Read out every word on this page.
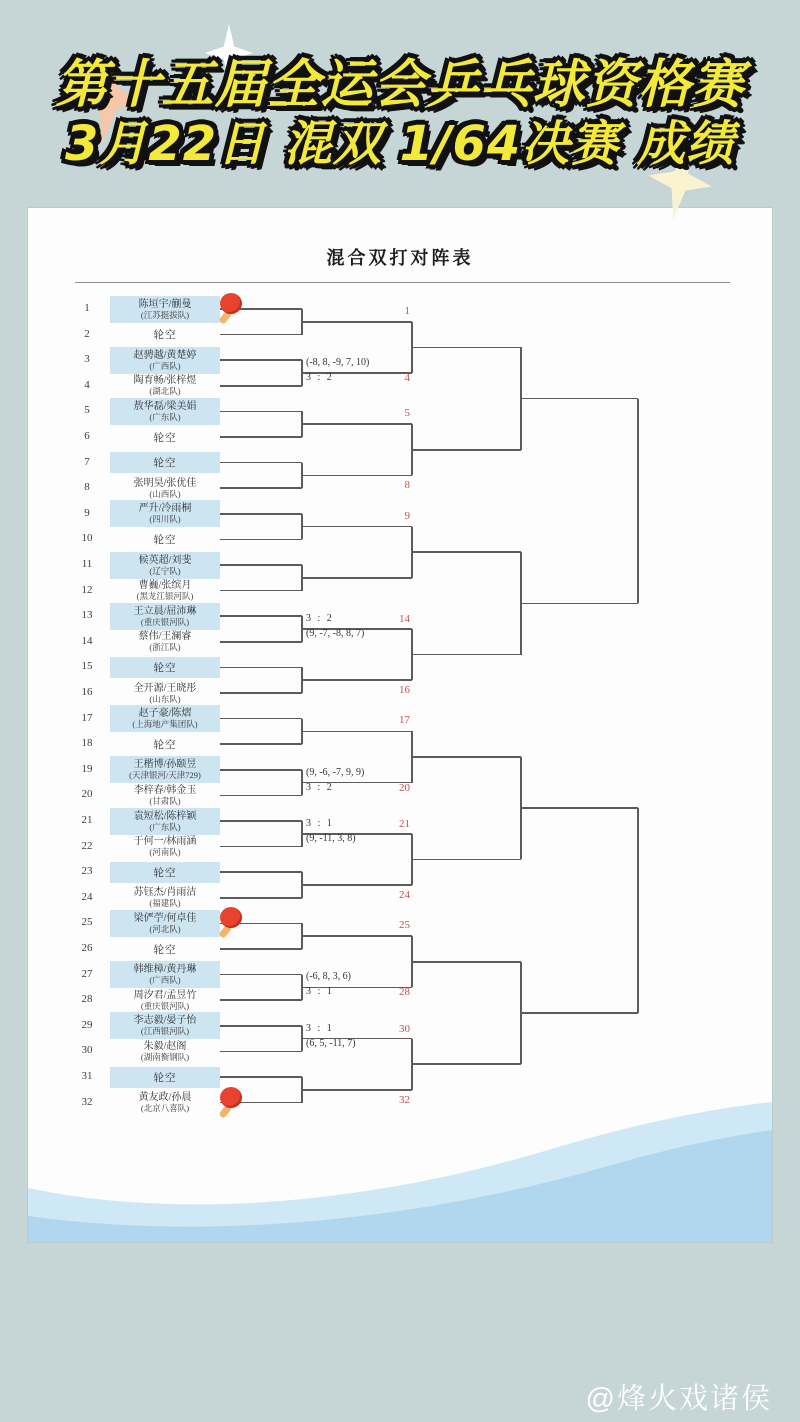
第十五届全运会乒乓球资格赛
3月22日 混双 1/64决赛 成绩
混合双打对阵表
1	陈垣宇/蒯曼
(江苏挺拔队)
2	轮空
3	赵骋越/黄楚婷
(广西队)
4	陶育畅/张梓煜
(湖北队)
5	敖华磊/梁美娟
(广东队)
6	轮空
7	轮空
8	张明昊/张优佳
(山西队)
9	严升/冷雨桐
(四川队)
10	轮空
11	候英超/刘斐
(辽宁队)
12	曹巍/张缤月
(黑龙江银河队)
13	王立晨/屈沛琳
(重庆银河队)
14	蔡伟/王澜睿
(浙江队)
15	轮空
16	全开源/王晓彤
(山东队)
17	赵子豪/陈熠
(上海地产集团队)
18	轮空
19	王楷博/孙颐昱
(天津银河/天津729)
20	李梓春/韩金玉
(甘肃队)
21	袁短松/陈梓颖
(广东队)
22	于何一/林雨涵
(河南队)
23	轮空
24	苏钰杰/肖雨洁
(福建队)
25	梁俨苧/何卓佳
(河北队)
26	轮空
27	韩维樟/黄丹琳
(广西队)
28	周汐君/孟昱竹
(重庆银河队)
29	李志毅/晏子怡
(江西银河队)
30	朱毅/赵阁
(湖南衡钢队)
31	轮空
32	黄友政/孙晨
(北京八喜队)
1
3 : 2
(-8, 8, -9, 7, 10)
4
5
8
9
3 : 2
(9, -7, -8, 8, 7)
14
16
17
3 : 2
(9, -6, -7, 9, 9)
20
3 : 1
(9, -11, 3, 8)
21
24
25
3 : 1
(-6, 8, 3, 6)
28
3 : 1
(6, 5, -11, 7)
30
32
@烽火戏诸侯
